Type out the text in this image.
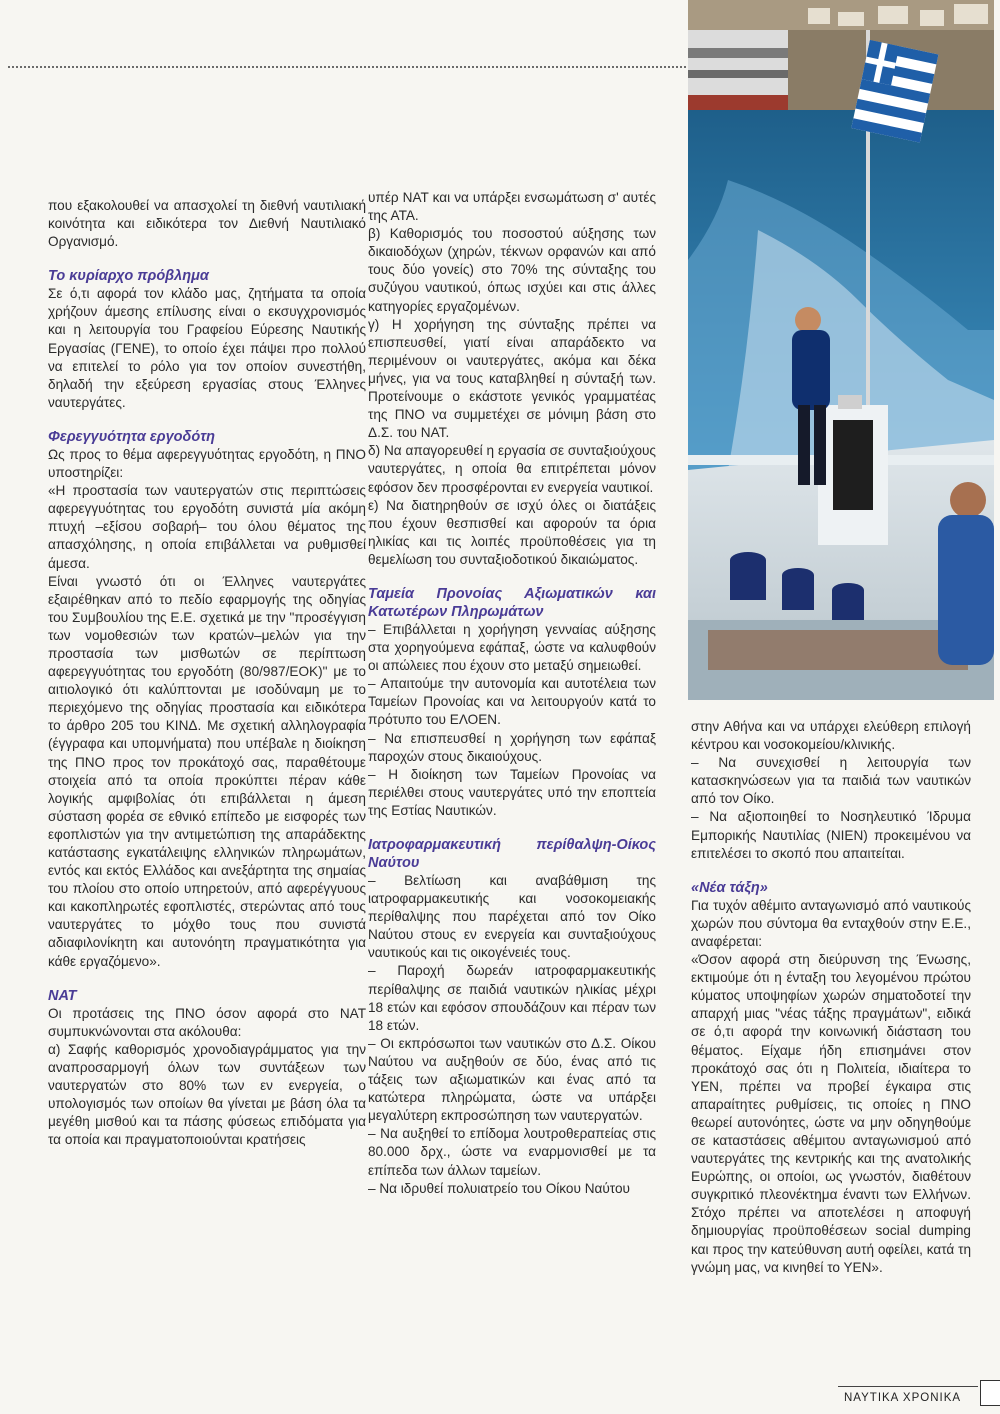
που εξακολουθεί να απασχολεί τη διεθνή ναυτιλιακή κοινότητα και ειδικότερα τον Διεθνή Ναυτιλιακό Οργανισμό.

Το κυρίαρχο πρόβλημα

Σε ό,τι αφορά τον κλάδο μας, ζητήματα τα οποία χρήζουν άμεσης επίλυσης είναι ο εκσυγχρονισμός και η λειτουργία του Γραφείου Εύρεσης Ναυτικής Εργασίας (ΓΕΝΕ), το οποίο έχει πάψει προ πολλού να επιτελεί το ρόλο για τον οποίον συνεστήθη, δηλαδή την εξεύρεση εργασίας στους Έλληνες ναυτεργάτες.

Φερεγγυότητα εργοδότη

Ως προς το θέμα αφερεγγυότητας εργοδότη, η ΠΝΟ υποστηρίζει:

«Η προστασία των ναυτεργατών στις περιπτώσεις αφερεγγυότητας του εργοδότη συνιστά μία ακόμη πτυχή –εξίσου σοβαρή– του όλου θέματος της απασχόλησης, η οποία επιβάλλεται να ρυθμισθεί άμεσα.

Είναι γνωστό ότι οι Έλληνες ναυτεργάτες εξαιρέθηκαν από το πεδίο εφαρμογής της οδηγίας του Συμβουλίου της Ε.Ε. σχετικά με την "προσέγγιση των νομοθεσιών των κρατών–μελών για την προστασία των μισθωτών σε περίπτωση αφερεγγυότητας του εργοδότη (80/987/ΕΟΚ)" με το αιτιολογικό ότι καλύπτονται με ισοδύναμη με το περιεχόμενο της οδηγίας προστασία και ειδικότερα το άρθρο 205 του ΚΙΝΔ. Με σχετική αλληλογραφία (έγγραφα και υπομνήματα) που υπέβαλε η διοίκηση της ΠΝΟ προς τον προκάτοχό σας, παραθέτουμε στοιχεία από τα οποία προκύπτει πέραν κάθε λογικής αμφιβολίας ότι επιβάλλεται η άμεση σύσταση φορέα σε εθνικό επίπεδο με εισφορές των εφοπλιστών για την αντιμετώπιση της απαράδεκτης κατάστασης εγκατάλειψης ελληνικών πληρωμάτων, εντός και εκτός Ελλάδος και ανεξάρτητα της σημαίας του πλοίου στο οποίο υπηρετούν, από αφερέγγυους και κακοπληρωτές εφοπλιστές, στερώντας από τους ναυτεργάτες το μόχθο τους που συνιστά αδιαφιλονίκητη και αυτονόητη πραγματικότητα για κάθε εργαζόμενο».

ΝΑΤ

Οι προτάσεις της ΠΝΟ όσον αφορά στο ΝΑΤ συμπυκνώνονται στα ακόλουθα:

α) Σαφής καθορισμός χρονοδιαγράμματος για την αναπροσαρμογή όλων των συντάξεων των ναυτεργατών στο 80% των εν ενεργεία, ο υπολογισμός των οποίων θα γίνεται με βάση όλα τα μεγέθη μισθού και τα πάσης φύσεως επιδόματα για τα οποία και πραγματοποιούνται κρατήσεις

υπέρ ΝΑΤ και να υπάρξει ενσωμάτωση σ' αυτές της ΑΤΑ.

β) Καθορισμός του ποσοστού αύξησης των δικαιοδόχων (χηρών, τέκνων ορφανών και από τους δύο γονείς) στο 70% της σύνταξης του συζύγου ναυτικού, όπως ισχύει και στις άλλες κατηγορίες εργαζομένων.

γ) Η χορήγηση της σύνταξης πρέπει να επισπευσθεί, γιατί είναι απαράδεκτο να περιμένουν οι ναυτεργάτες, ακόμα και δέκα μήνες, για να τους καταβληθεί η σύνταξή των. Προτείνουμε ο εκάστοτε γενικός γραμματέας της ΠΝΟ να συμμετέχει σε μόνιμη βάση στο Δ.Σ. του ΝΑΤ.

δ) Να απαγορευθεί η εργασία σε συνταξιούχους ναυτεργάτες, η οποία θα επιτρέπεται μόνον εφόσον δεν προσφέρονται εν ενεργεία ναυτικοί.

ε) Να διατηρηθούν σε ισχύ όλες οι διατάξεις που έχουν θεσπισθεί και αφορούν τα όρια ηλικίας και τις λοιπές προϋποθέσεις για τη θεμελίωση του συνταξιοδοτικού δικαιώματος.

Ταμεία Προνοίας Αξιωματικών και Κατωτέρων Πληρωμάτων

– Επιβάλλεται η χορήγηση γενναίας αύξησης στα χορηγούμενα εφάπαξ, ώστε να καλυφθούν οι απώλειες που έχουν στο μεταξύ σημειωθεί.

– Απαιτούμε την αυτονομία και αυτοτέλεια των Ταμείων Προνοίας και να λειτουργούν κατά το πρότυπο του ΕΛΟΕΝ.

– Να επισπευσθεί η χορήγηση των εφάπαξ παροχών στους δικαιούχους.

– Η διοίκηση των Ταμείων Προνοίας να περιέλθει στους ναυτεργάτες υπό την εποπτεία της Εστίας Ναυτικών.

Ιατροφαρμακευτική περίθαλψη-Οίκος Ναύτου

– Βελτίωση και αναβάθμιση της ιατροφαρμακευτικής και νοσοκομειακής περίθαλψης που παρέχεται από τον Οίκο Ναύτου στους εν ενεργεία και συνταξιούχους ναυτικούς και τις οικογένειές τους.

– Παροχή δωρεάν ιατροφαρμακευτικής περίθαλψης σε παιδιά ναυτικών ηλικίας μέχρι 18 ετών και εφόσον σπουδάζουν και πέραν των 18 ετών.

– Οι εκπρόσωποι των ναυτικών στο Δ.Σ. Οίκου Ναύτου να αυξηθούν σε δύο, ένας από τις τάξεις των αξιωματικών και ένας από τα κατώτερα πληρώματα, ώστε να υπάρξει μεγαλύτερη εκπροσώπηση των ναυτεργατών.

– Να αυξηθεί το επίδομα λουτροθεραπείας στις 80.000 δρχ., ώστε να εναρμονισθεί με τα επίπεδα των άλλων ταμείων.

– Να ιδρυθεί πολυιατρείο του Οίκου Ναύτου

στην Αθήνα και να υπάρχει ελεύθερη επιλογή κέντρου και νοσοκομείου/κλινικής.

– Να συνεχισθεί η λειτουργία των κατασκηνώσεων για τα παιδιά των ναυτικών από τον Οίκο.

– Να αξιοποιηθεί το Νοσηλευτικό Ίδρυμα Εμπορικής Ναυτιλίας (ΝΙΕΝ) προκειμένου να επιτελέσει το σκοπό που απαιτείται.

«Νέα τάξη»

Για τυχόν αθέμιτο ανταγωνισμό από ναυτικούς χωρών που σύντομα θα ενταχθούν στην Ε.Ε., αναφέρεται:

«Όσον αφορά στη διεύρυνση της Ένωσης, εκτιμούμε ότι η ένταξη του λεγομένου πρώτου κύματος υποψηφίων χωρών σηματοδοτεί την απαρχή μιας "νέας τάξης πραγμάτων", ειδικά σε ό,τι αφορά την κοινωνική διάσταση του θέματος. Είχαμε ήδη επισημάνει στον προκάτοχό σας ότι η Πολιτεία, ιδιαίτερα το ΥΕΝ, πρέπει να προβεί έγκαιρα στις απαραίτητες ρυθμίσεις, τις οποίες η ΠΝΟ θεωρεί αυτονόητες, ώστε να μην οδηγηθούμε σε καταστάσεις αθέμιτου ανταγωνισμού από ναυτεργάτες της κεντρικής και της ανατολικής Ευρώπης, οι οποίοι, ως γνωστόν, διαθέτουν συγκριτικό πλεονέκτημα έναντι των Ελλήνων. Στόχο πρέπει να αποτελέσει η αποφυγή δημιουργίας προϋποθέσεων social dumping και προς την κατεύθυνση αυτή οφείλει, κατά τη γνώμη μας, να κινηθεί το ΥΕΝ».

ΝΑΥΤΙΚΑ ΧΡΟΝΙΚΑ
